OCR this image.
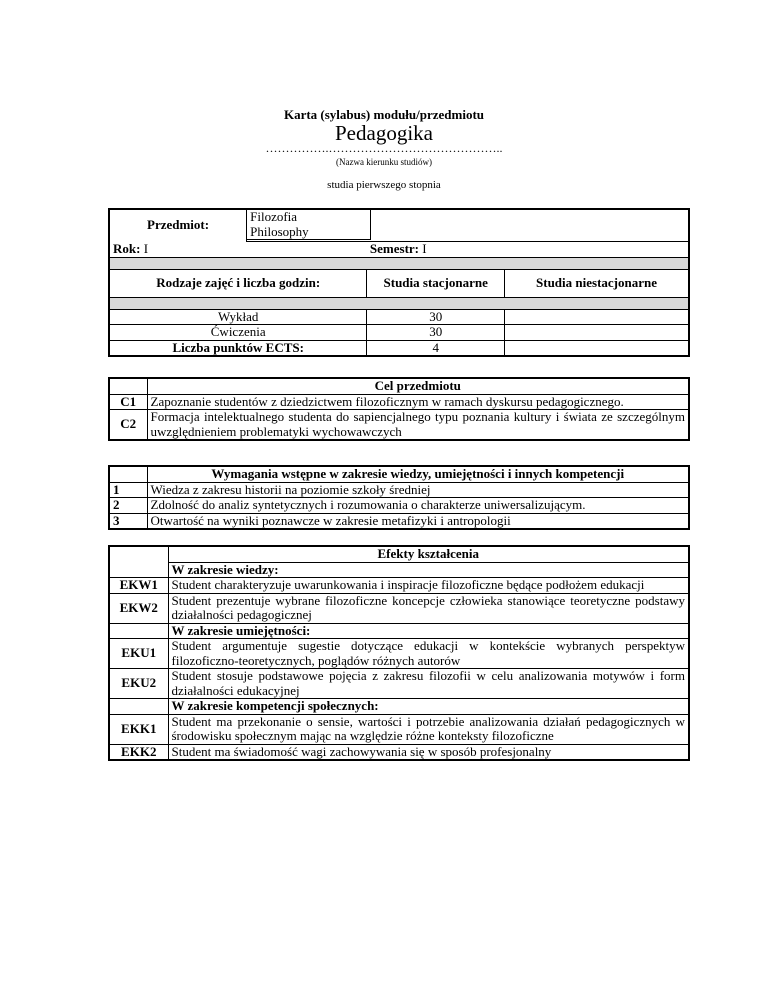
Karta (sylabus) modułu/przedmiotu
Pedagogika
…………….……………………………………..
(Nazwa kierunku studiów)
studia pierwszego stopnia
Przedmiot:	Filozofia
Philosophy		

Rok: I		Semestr: I	

Rodzaje zajęć i liczba godzin:		Studia stacjonarne	Studia niestacjonarne

Wykład		30	
Ćwiczenia		30	
Liczba punktów ECTS:		4	
	Cel przedmiotu
C1	Zapoznanie studentów z dziedzictwem filozoficznym w ramach dyskursu pedagogicznego.
C2	Formacja intelektualnego studenta do sapiencjalnego typu poznania kultury i świata ze szczególnym uwzględnieniem problematyki wychowawczych
	Wymagania wstępne w zakresie wiedzy, umiejętności i innych kompetencji
1	Wiedza z zakresu historii na poziomie szkoły średniej
2	Zdolność do analiz syntetycznych i rozumowania o charakterze uniwersalizującym.
3	Otwartość na wyniki poznawcze w zakresie metafizyki i antropologii
	Efekty kształcenia
	W zakresie wiedzy:
EKW1	Student charakteryzuje uwarunkowania i inspiracje filozoficzne będące podłożem edukacji
EKW2	Student prezentuje wybrane filozoficzne koncepcje człowieka stanowiące teoretyczne podstawy działalności pedagogicznej
	W zakresie umiejętności:
EKU1	Student argumentuje sugestie dotyczące edukacji w kontekście wybranych perspektyw filozoficzno-teoretycznych, poglądów różnych autorów
EKU2	Student stosuje podstawowe pojęcia z zakresu filozofii w celu analizowania motywów i form działalności edukacyjnej
	W zakresie kompetencji społecznych:
EKK1	Student ma przekonanie o sensie, wartości i potrzebie analizowania działań pedagogicznych w środowisku społecznym mając na względzie różne konteksty filozoficzne
EKK2	Student ma świadomość wagi zachowywania się w sposób profesjonalny
